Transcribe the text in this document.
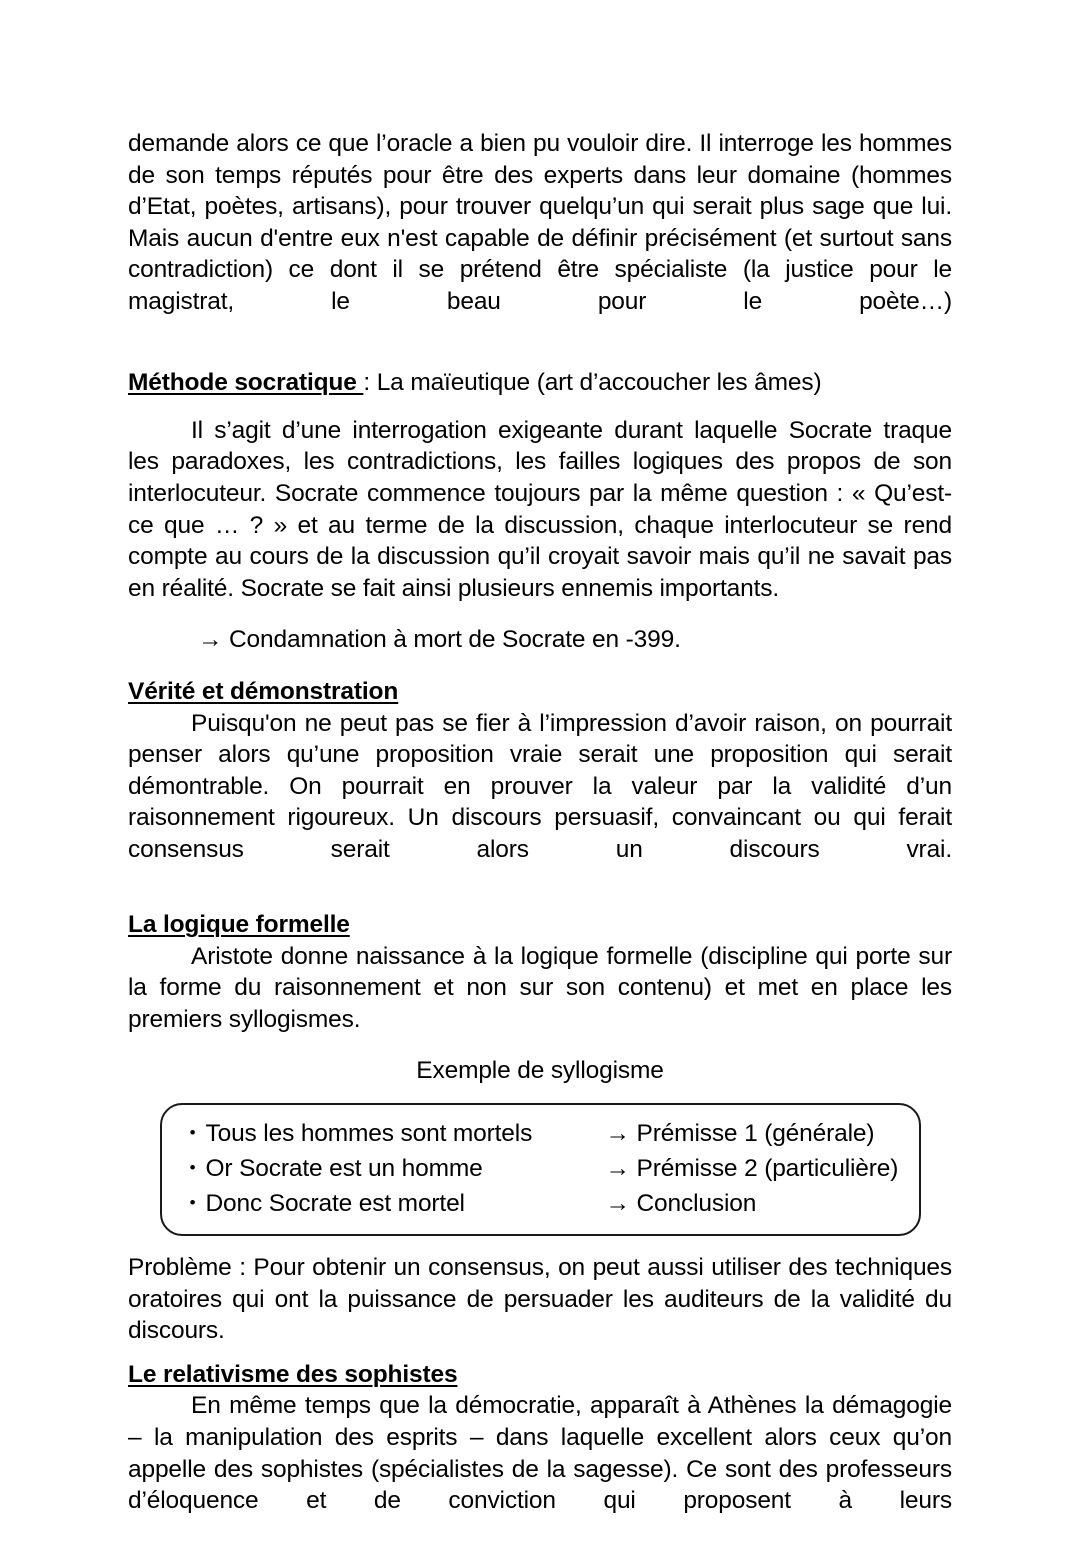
demande alors ce que l’oracle a bien pu vouloir dire. Il interroge les hommes de son temps réputés pour être des experts dans leur domaine (hommes d’Etat, poètes, artisans), pour trouver quelqu’un qui serait plus sage que lui. Mais aucun d'entre eux n'est capable de définir précisément (et surtout sans contradiction) ce dont il se prétend être spécialiste (la justice pour le magistrat, le beau pour le poète…)

Méthode socratique : La maïeutique (art d’accoucher les âmes)

Il s’agit d’une interrogation exigeante durant laquelle Socrate traque les paradoxes, les contradictions, les failles logiques des propos de son interlocuteur. Socrate commence toujours par la même question : « Qu’est-ce que … ? » et au terme de la discussion, chaque interlocuteur se rend compte au cours de la discussion qu’il croyait savoir mais qu’il ne savait pas en réalité. Socrate se fait ainsi plusieurs ennemis importants.

→ Condamnation à mort de Socrate en -399.

Vérité et démonstration

Puisqu'on ne peut pas se fier à l’impression d’avoir raison, on pourrait penser alors qu’une proposition vraie serait une proposition qui serait démontrable. On pourrait en prouver la valeur par la validité d’un raisonnement rigoureux. Un discours persuasif, convaincant ou qui ferait consensus serait alors un discours vrai.

La logique formelle

Aristote donne naissance à la logique formelle (discipline qui porte sur la forme du raisonnement et non sur son contenu) et met en place les premiers syllogismes.

Exemple de syllogisme

• Tous les hommes sont mortels	→ Prémisse 1 (générale)
• Or Socrate est un homme	→ Prémisse 2 (particulière)
• Donc Socrate est mortel	→ Conclusion

Problème : Pour obtenir un consensus, on peut aussi utiliser des techniques oratoires qui ont la puissance de persuader les auditeurs de la validité du discours.

Le relativisme des sophistes

En même temps que la démocratie, apparaît à Athènes la démagogie – la manipulation des esprits – dans laquelle excellent alors ceux qu’on appelle des sophistes (spécialistes de la sagesse). Ce sont des professeurs d’éloquence et de conviction qui proposent à leurs
